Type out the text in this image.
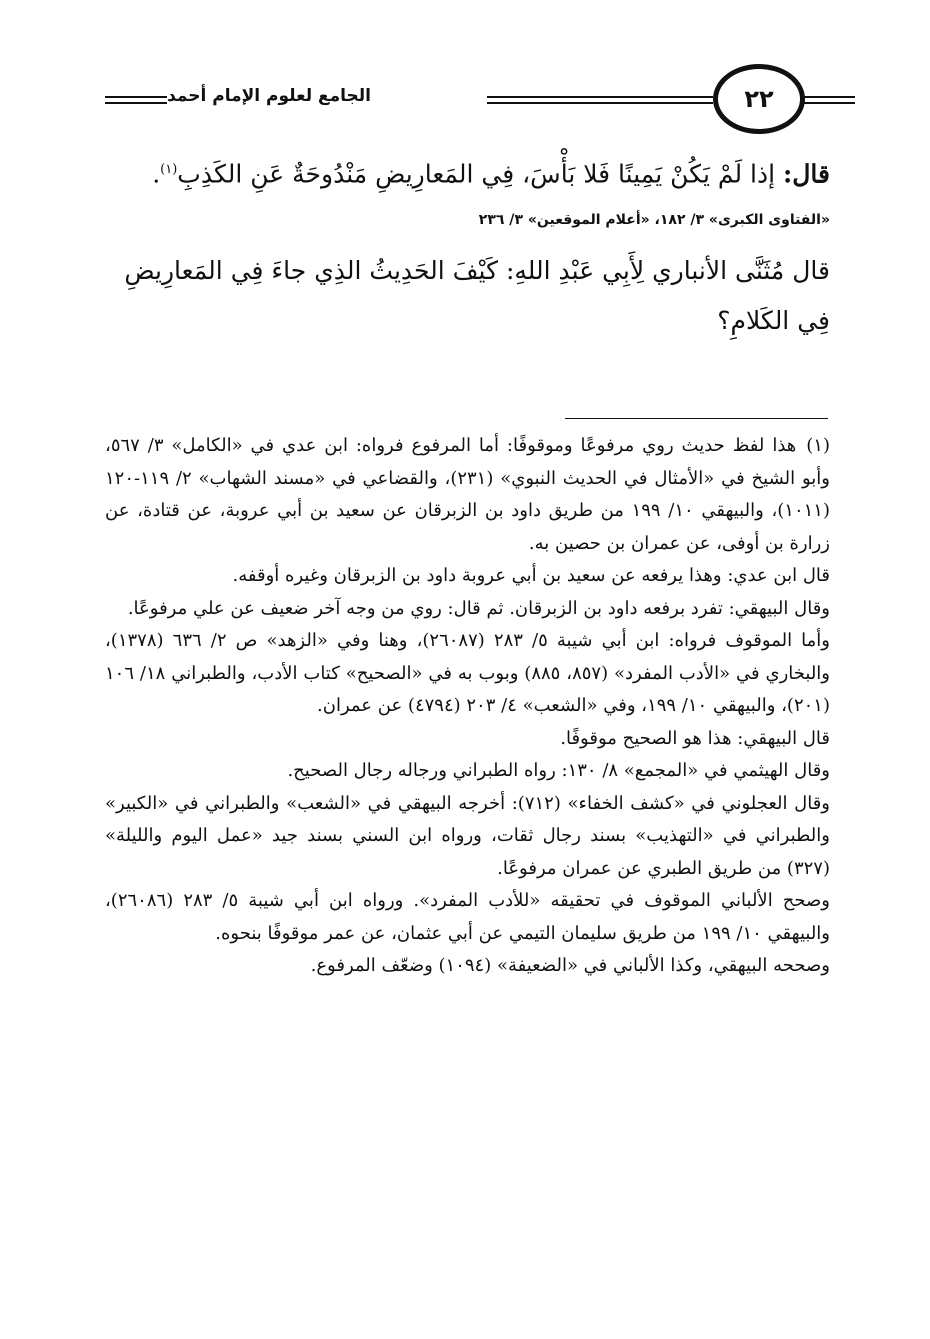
٢٢
الجامع لعلوم الإمام أحمد

قال: إذا لَمْ يَكُنْ يَمِينًا فَلا بَأْسَ، فِي المَعارِيضِ مَنْدُوحَةٌ عَنِ الكَذِبِ$^{(١)}$.

«الفتاوى الكبرى» ٣/ ١٨٢، «أعلام الموقعين» ٣/ ٢٣٦

قال مُثَنَّى الأنباري لِأَبِي عَبْدِ اللهِ: كَيْفَ الحَدِيثُ الذِي جاءَ فِي المَعارِيضِ فِي الكَلامِ؟

(١)هذا لفظ حديث روي مرفوعًا وموقوفًا: أما المرفوع فرواه: ابن عدي في «الكامل» ٣/ ٥٦٧، وأبو الشيخ في «الأمثال في الحديث النبوي» (٢٣١)، والقضاعي في «مسند الشهاب» ٢/ ١١٩-١٢٠ (١٠١١)، والبيهقي ١٠/ ١٩٩ من طريق داود بن الزبرقان عن سعيد بن أبي عروبة، عن قتادة، عن زرارة بن أوفى، عن عمران بن حصين به.

قال ابن عدي: وهذا يرفعه عن سعيد بن أبي عروبة داود بن الزبرقان وغيره أوقفه.

وقال البيهقي: تفرد برفعه داود بن الزبرقان. ثم قال: روي من وجه آخر ضعيف عن علي مرفوعًا.

وأما الموقوف فرواه: ابن أبي شيبة ٥/ ٢٨٣ (٢٦٠٨٧)، وهنا وفي «الزهد» ص ٢/ ٦٣٦ (١٣٧٨)، والبخاري في «الأدب المفرد» (٨٥٧، ٨٨٥) وبوب به في «الصحيح» كتاب الأدب، والطبراني ١٨/ ١٠٦ (٢٠١)، والبيهقي ١٠/ ١٩٩، وفي «الشعب» ٤/ ٢٠٣ (٤٧٩٤) عن عمران.

قال البيهقي: هذا هو الصحيح موقوفًا.

وقال الهيثمي في «المجمع» ٨/ ١٣٠: رواه الطبراني ورجاله رجال الصحيح.

وقال العجلوني في «كشف الخفاء» (٧١٢): أخرجه البيهقي في «الشعب» والطبراني في «الكبير» والطبراني في «التهذيب» بسند رجال ثقات، ورواه ابن السني بسند جيد «عمل اليوم والليلة» (٣٢٧) من طريق الطبري عن عمران مرفوعًا.

وصحح الألباني الموقوف في تحقيقه «للأدب المفرد». ورواه ابن أبي شيبة ٥/ ٢٨٣ (٢٦٠٨٦)، والبيهقي ١٠/ ١٩٩ من طريق سليمان التيمي عن أبي عثمان، عن عمر موقوفًا بنحوه.

وصححه البيهقي، وكذا الألباني في «الضعيفة» (١٠٩٤) وضعّف المرفوع.
